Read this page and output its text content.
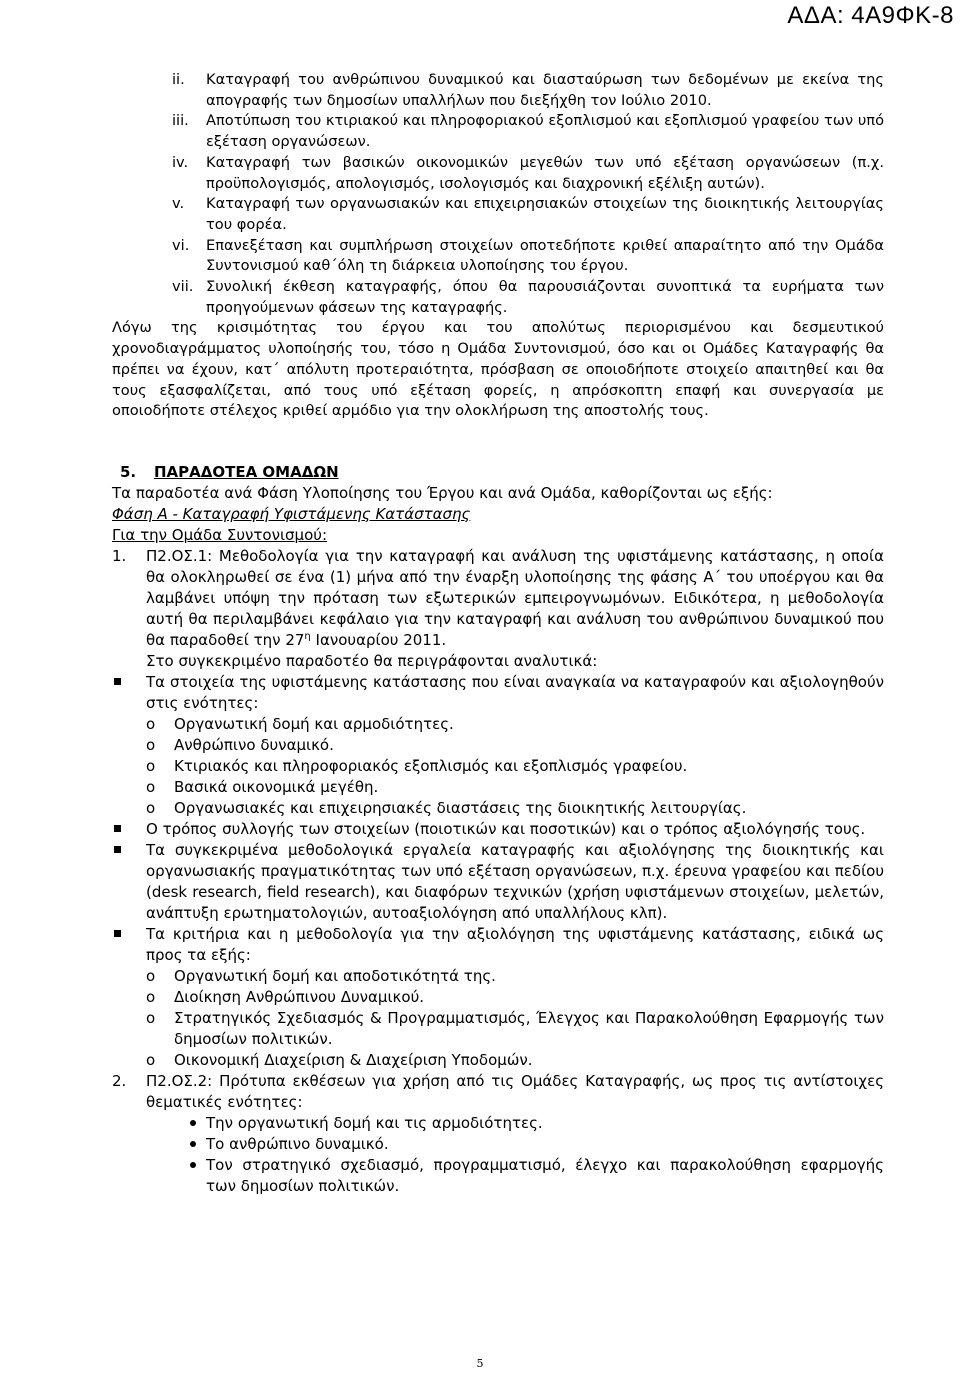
ΑΔΑ: 4Α9ΦΚ-8
ii.	Καταγραφή του ανθρώπινου δυναμικού και διασταύρωση των δεδομένων με εκείνα της απογραφής των δημοσίων υπαλλήλων που διεξήχθη τον Ιούλιο 2010.
iii.	Αποτύπωση του κτιριακού και πληροφοριακού εξοπλισμού και εξοπλισμού γραφείου των υπό εξέταση οργανώσεων.
iv.	Καταγραφή των βασικών οικονομικών μεγεθών των υπό εξέταση οργανώσεων (π.χ. προϋπολογισμός, απολογισμός, ισολογισμός και διαχρονική εξέλιξη αυτών).
v.	Καταγραφή των οργανωσιακών και επιχειρησιακών στοιχείων της διοικητικής λειτουργίας του φορέα.
vi.	Επανεξέταση και συμπλήρωση στοιχείων οποτεδήποτε κριθεί απαραίτητο από την Ομάδα Συντονισμού καθ΄όλη τη διάρκεια υλοποίησης του έργου.
vii. Συνολική έκθεση καταγραφής, όπου θα παρουσιάζονται συνοπτικά τα ευρήματα των προηγούμενων φάσεων της καταγραφής.

Λόγω της κρισιμότητας του έργου και του απολύτως περιορισμένου και δεσμευτικού χρονοδιαγράμματος υλοποίησής του, τόσο η Ομάδα Συντονισμού, όσο και οι Ομάδες Καταγραφής θα πρέπει να έχουν, κατ΄ απόλυτη προτεραιότητα, πρόσβαση σε οποιοδήποτε στοιχείο απαιτηθεί και θα τους εξασφαλίζεται, από τους υπό εξέταση φορείς, η απρόσκοπτη επαφή και συνεργασία με οποιοδήποτε στέλεχος κριθεί αρμόδιο για την ολοκλήρωση της αποστολής τους.

5. ΠΑΡΑΔΟΤΕΑ ΟΜΑΔΩΝ
Τα παραδοτέα ανά Φάση Υλοποίησης του Έργου και ανά Ομάδα, καθορίζονται ως εξής:
Φάση Α - Καταγραφή Υφιστάμενης Κατάστασης
Για την Ομάδα Συντονισμού:
1.	Π2.ΟΣ.1: Μεθοδολογία για την καταγραφή και ανάλυση της υφιστάμενης κατάστασης, η οποία θα ολοκληρωθεί σε ένα (1) μήνα από την έναρξη υλοποίησης της φάσης Α΄ του υποέργου και θα λαμβάνει υπόψη την πρόταση των εξωτερικών εμπειρογνωμόνων. Ειδικότερα, η μεθοδολογία αυτή θα περιλαμβάνει κεφάλαιο για την καταγραφή και ανάλυση του ανθρώπινου δυναμικού που θα παραδοθεί την $27^\eta$ Ιανουαρίου 2011.
Στο συγκεκριμένο παραδοτέο θα περιγράφονται αναλυτικά:
Τα στοιχεία της υφιστάμενης κατάστασης που είναι αναγκαία να καταγραφούν και αξιολογηθούν στις ενότητες:
o	Οργανωτική δομή και αρμοδιότητες.
o	Ανθρώπινο δυναμικό.
o	Κτιριακός και πληροφοριακός εξοπλισμός και εξοπλισμός γραφείου.
o	Βασικά οικονομικά μεγέθη.
o	Οργανωσιακές και επιχειρησιακές διαστάσεις της διοικητικής λειτουργίας.
Ο τρόπος συλλογής των στοιχείων (ποιοτικών και ποσοτικών) και ο τρόπος αξιολόγησής τους.
Τα συγκεκριμένα μεθοδολογικά εργαλεία καταγραφής και αξιολόγησης της διοικητικής και οργανωσιακής πραγματικότητας των υπό εξέταση οργανώσεων, π.χ. έρευνα γραφείου και πεδίου (desk research, field research), και διαφόρων τεχνικών (χρήση υφιστάμενων στοιχείων, μελετών, ανάπτυξη ερωτηματολογιών, αυτοαξιολόγηση από υπαλλήλους κλπ).
Τα κριτήρια και η μεθοδολογία για την αξιολόγηση της υφιστάμενης κατάστασης, ειδικά ως προς τα εξής:
o	Οργανωτική δομή και αποδοτικότητά της.
o	Διοίκηση Ανθρώπινου Δυναμικού.
o	Στρατηγικός Σχεδιασμός & Προγραμματισμός, Έλεγχος και Παρακολούθηση Εφαρμογής των δημοσίων πολιτικών.
o	Οικονομική Διαχείριση & Διαχείριση Υποδομών.
2.	Π2.ΟΣ.2: Πρότυπα εκθέσεων για χρήση από τις Ομάδες Καταγραφής, ως προς τις αντίστοιχες θεματικές ενότητες:
Την οργανωτική δομή και τις αρμοδιότητες.
Το ανθρώπινο δυναμικό.
Τον στρατηγικό σχεδιασμό, προγραμματισμό, έλεγχο και παρακολούθηση εφαρμογής των δημοσίων πολιτικών.
5
